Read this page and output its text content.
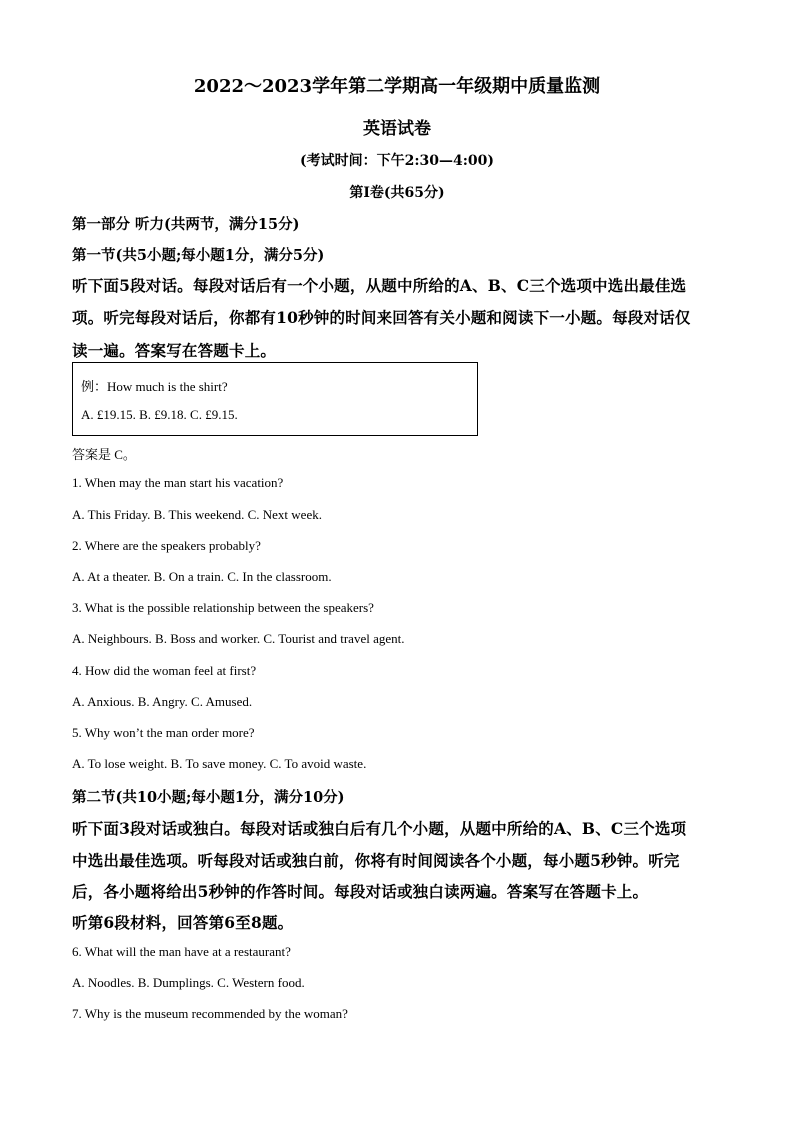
2022～2023学年第二学期高一年级期中质量监测
英语试卷
(考试时间：下午2:30—4:00)
第Ⅰ卷(共65分)
第一部分 听力(共两节，满分15分)
第一节(共5小题;每小题1分，满分5分)
听下面5段对话。每段对话后有一个小题，从题中所给的A、B、C三个选项中选出最佳选
项。听完每段对话后，你都有10秒钟的时间来回答有关小题和阅读下一小题。每段对话仅
读一遍。答案写在答题卡上。
例：How much is the shirt?
A. £19.15. B. £9.18. C. £9.15.
答案是 C。
1. When may the man start his vacation?
A. This Friday. B. This weekend. C. Next week.
2. Where are the speakers probably?
A. At a theater. B. On a train. C. In the classroom.
3. What is the possible relationship between the speakers?
A. Neighbours. B. Boss and worker. C. Tourist and travel agent.
4. How did the woman feel at first?
A. Anxious. B. Angry. C. Amused.
5. Why won’t the man order more?
A. To lose weight. B. To save money. C. To avoid waste.
第二节(共10小题;每小题1分，满分10分)
听下面3段对话或独白。每段对话或独白后有几个小题，从题中所给的A、B、C三个选项
中选出最佳选项。听每段对话或独白前，你将有时间阅读各个小题，每小题5秒钟。听完
后，各小题将给出5秒钟的作答时间。每段对话或独白读两遍。答案写在答题卡上。
听第6段材料，回答第6至8题。
6. What will the man have at a restaurant?
A. Noodles. B. Dumplings. C. Western food.
7. Why is the museum recommended by the woman?
